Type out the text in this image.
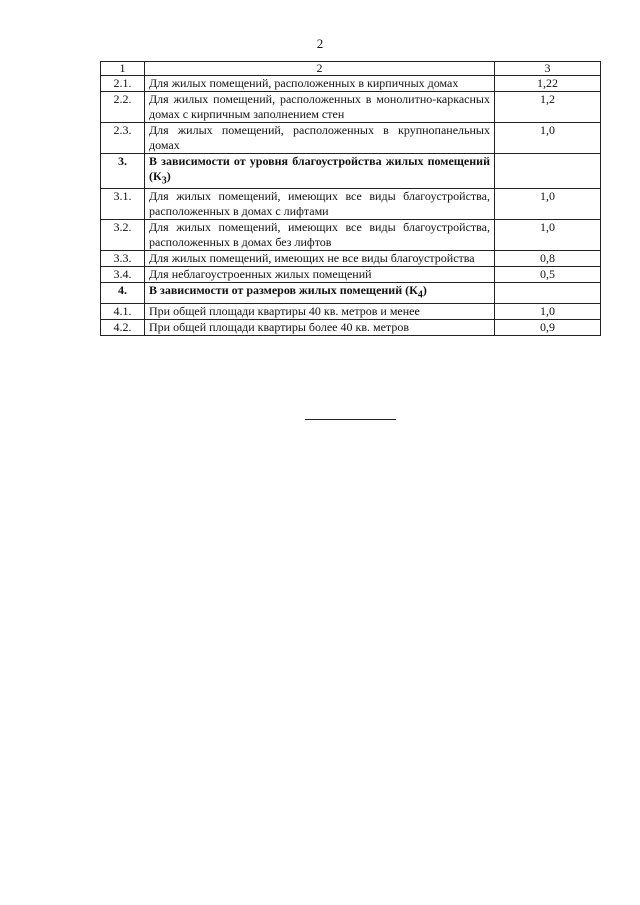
2
1	2	3
2.1.	Для жилых помещений, расположенных в кирпичных домах	1,22
2.2.	Для жилых помещений, расположенных в монолитно-каркасных домах с кирпичным заполнением стен	1,2
2.3.	Для жилых помещений, расположенных в крупнопанельных домах	1,0
3.	В зависимости от уровня благоустройства жилых помещений $(К_3)$	
3.1.	Для жилых помещений, имеющих все виды благоустройства, расположенных в домах с лифтами	1,0
3.2.	Для жилых помещений, имеющих все виды благоустройства, расположенных в домах без лифтов	1,0
3.3.	Для жилых помещений, имеющих не все виды благоустройства	0,8
3.4.	Для неблагоустроенных жилых помещений	0,5
4.	В зависимости от размеров жилых помещений $(К_4)$	
4.1.	При общей площади квартиры 40 кв. метров и менее	1,0
4.2.	При общей площади квартиры более 40 кв. метров	0,9
